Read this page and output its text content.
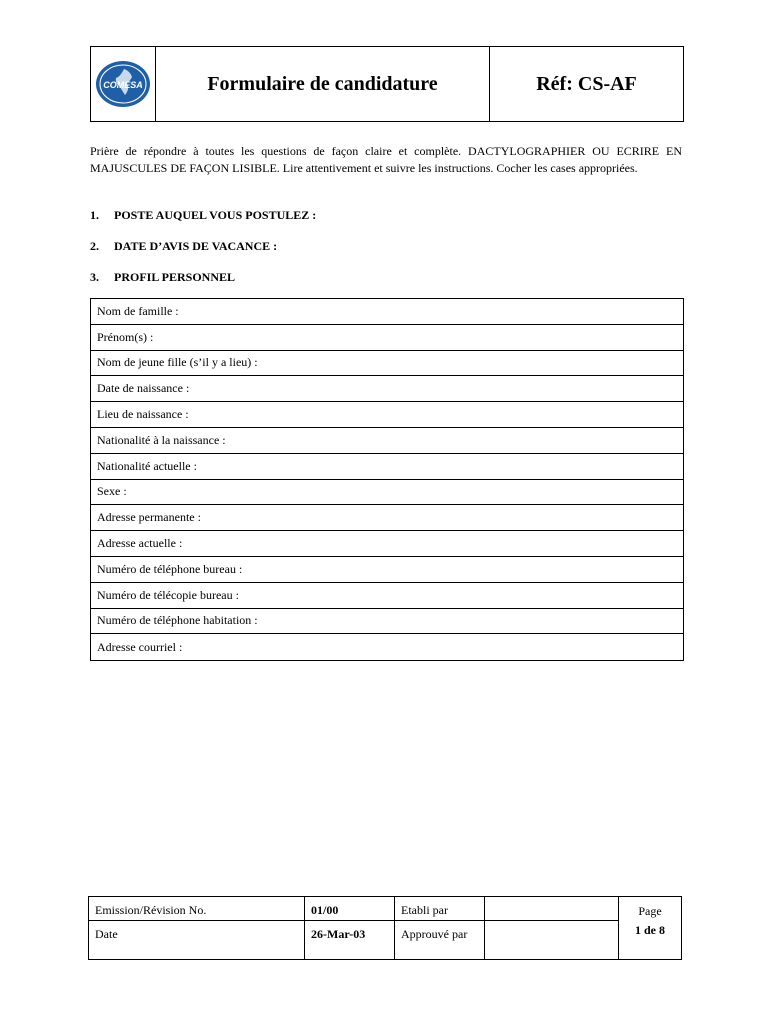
COMESA	Formulaire de candidature	Réf: CS-AF
Prière de répondre à toutes les questions de façon claire et complète. DACTYLOGRAPHIER OU ECRIRE EN MAJUSCULES DE FAÇON LISIBLE. Lire attentivement et suivre les instructions. Cocher les cases appropriées.
1. POSTE AUQUEL VOUS POSTULEZ :
2. DATE D’AVIS DE VACANCE :
3. PROFIL PERSONNEL
Nom de famille :
Prénom(s) :
Nom de jeune fille (s’il y a lieu) :
Date de naissance :
Lieu de naissance :
Nationalité à la naissance :
Nationalité actuelle :
Sexe :
Adresse permanente :
Adresse actuelle :
Numéro de téléphone bureau :
Numéro de télécopie bureau :
Numéro de téléphone habitation :
Adresse courriel :
Emission/Révision No.
Date
01/00
26-Mar-03
Etabli par
Approuvé par
Page
1 de 8
